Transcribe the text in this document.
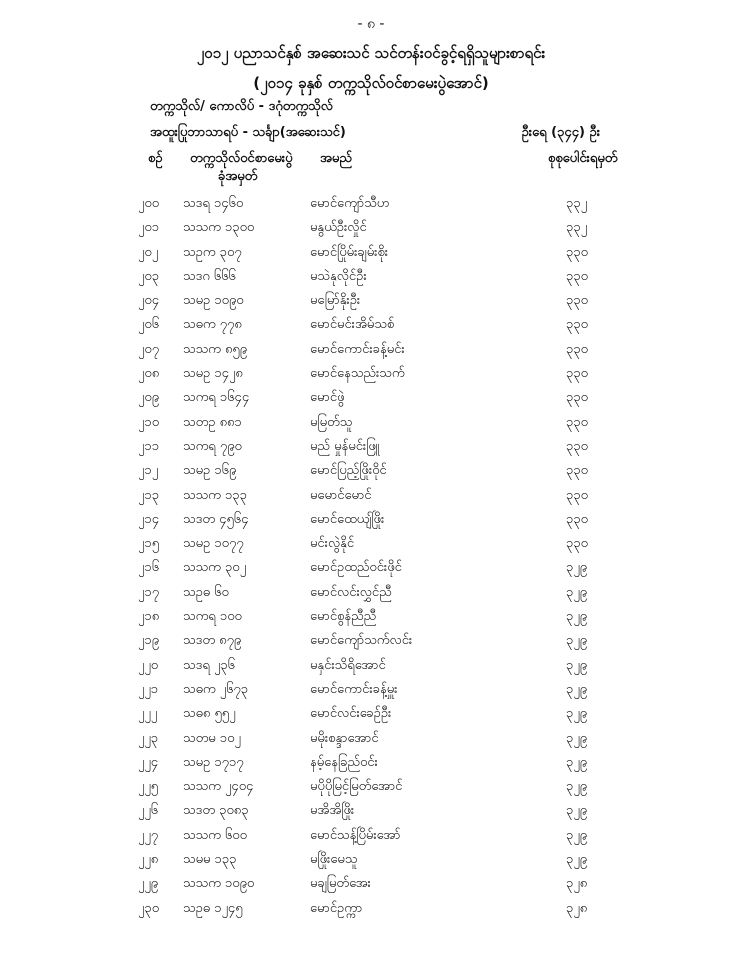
- ၈ -
၂၀၁၂ ပညာသင်နှစ် အဆေးသင် သင်တန်းဝင်ခွင့်ရရှိသူများစာရင်း
(၂၀၁၄ ခုနှစ် တက္ကသိုလ်ဝင်စာမေးပွဲအောင်)
တက္ကသိုလ်/ ကောလိပ် - ဒဂုံတက္ကသိုလ်
အထူးပြုဘာသာရပ် - သင်္ချာ(အဆေးသင်)	ဦးရေ (၃၄၄) ဦး
စဉ် တက္ကသိုလ်ဝင်စာမေးပွဲ
ခုံအမှတ်
အမည်	စုစုပေါင်းရမှတ်
၂၀၀ သဒရ ၁၄၆၀	မောင်ကျော်သီဟ	၃၃၂
၂၀၁ သသက ၁၃၀၀	မနွယ်ဦးလှိုင်	၃၃၂
၂၀၂ သဥက ၃၀၇	မောင်ပြိုမ်းချမ်းစိုး	၃၃၀
၂၀၃ သဒဂ ၆၆၆	မသဲနုလိုင်ဦး	၃၃၀
၂၀၄ သမဥ ၁၀၉၀	မမြော်နိုးဦး	၃၃၀
၂၀၆ သဓက ၇၇၈	မောင်မင်းအိမ်သစ်	၃၃၀
၂၀၇ သသက ၈၅၉	မောင်ကောင်းခန့်မင်း	၃၃၀
၂၀၈ သမဥ ၁၄၂၈	မောင်နေသည်းသက်	၃၃၀
၂၀၉ သကရ ၁၆၄၄	မောင်ဖွဲ	၃၃၀
၂၁၀ သတဥ ၈၈၁	မမြတ်သူ	၃၃၀
၂၁၁ သကရ ၇၉၀	မည် မှုန်မင်းဖြူ	၃၃၀
၂၁၂ သမဥ ၁၆၉	မောင်ပြည့်ဖြိုးဝိုင်	၃၃၀
၂၁၃ သသက ၁၃၃	မမောင်မောင်	၃၃၀
၂၁၄ သဒတ ၄၅၆၄	မောင်ထေယျ်ဖြိုး	၃၃၀
၂၁၅ သမဥ ၁၀၇၇	မင်းလွဲနိုင်	၃၃၀
၂၁၆ သသက ၃၀၂	မောင်ဥထည်ဝင်းဖိုင်	၃၂၉
၂၁၇ သဥဓ ၆၀	မောင်လင်းလွှင်ညီ	၃၂၉
၂၁၈ သကရ ၁၀၀	မောင်စွန်ညီညီ	၃၂၉
၂၁၉ သဒတ ၈၇၉	မောင်ကျော်သက်လင်း	၃၂၉
၂၂၀ သဒရ ၂၃၆	မနှင်းသိရိအောင်	၃၂၉
၂၂၁ သဓက ၂၆၇၃	မောင်ကောင်းခန့်မှူး	၃၂၉
၂၂၂ သဓ၈ ၅၅၂	မောင်လင်းခေဉ်ဦး	၃၂၉
၂၂၃ သတမ ၁၀၂	မမိုးစန္ဒာအောင်	၃၂၉
၂၂၄ သမဥ ၁၇၁၇	နမ့်နေခြည်ဝင်း	၃၂၉
၂၂၅ သသက ၂၄၀၄	မပိုပိုမြင့်မြတ်အောင်	၃၂၉
၂၂၆ သဒတ ၃၀၈၃	မအိအိဖြိုး	၃၂၉
၂၂၇ သသက ၆၀၀	မောင်သန့်ပြိမ်းအော်	၃၂၉
၂၂၈ သမမ ၁၃၃	မဖြိုးမေသူ	၃၂၉
၂၂၉ သသက ၁၀၉၀	မချမြတ်အေး	၃၂၈
၂၃၀ သဥဓ ၁၂၄၅	မောင်ဥက္ကာ	၃၂၈
